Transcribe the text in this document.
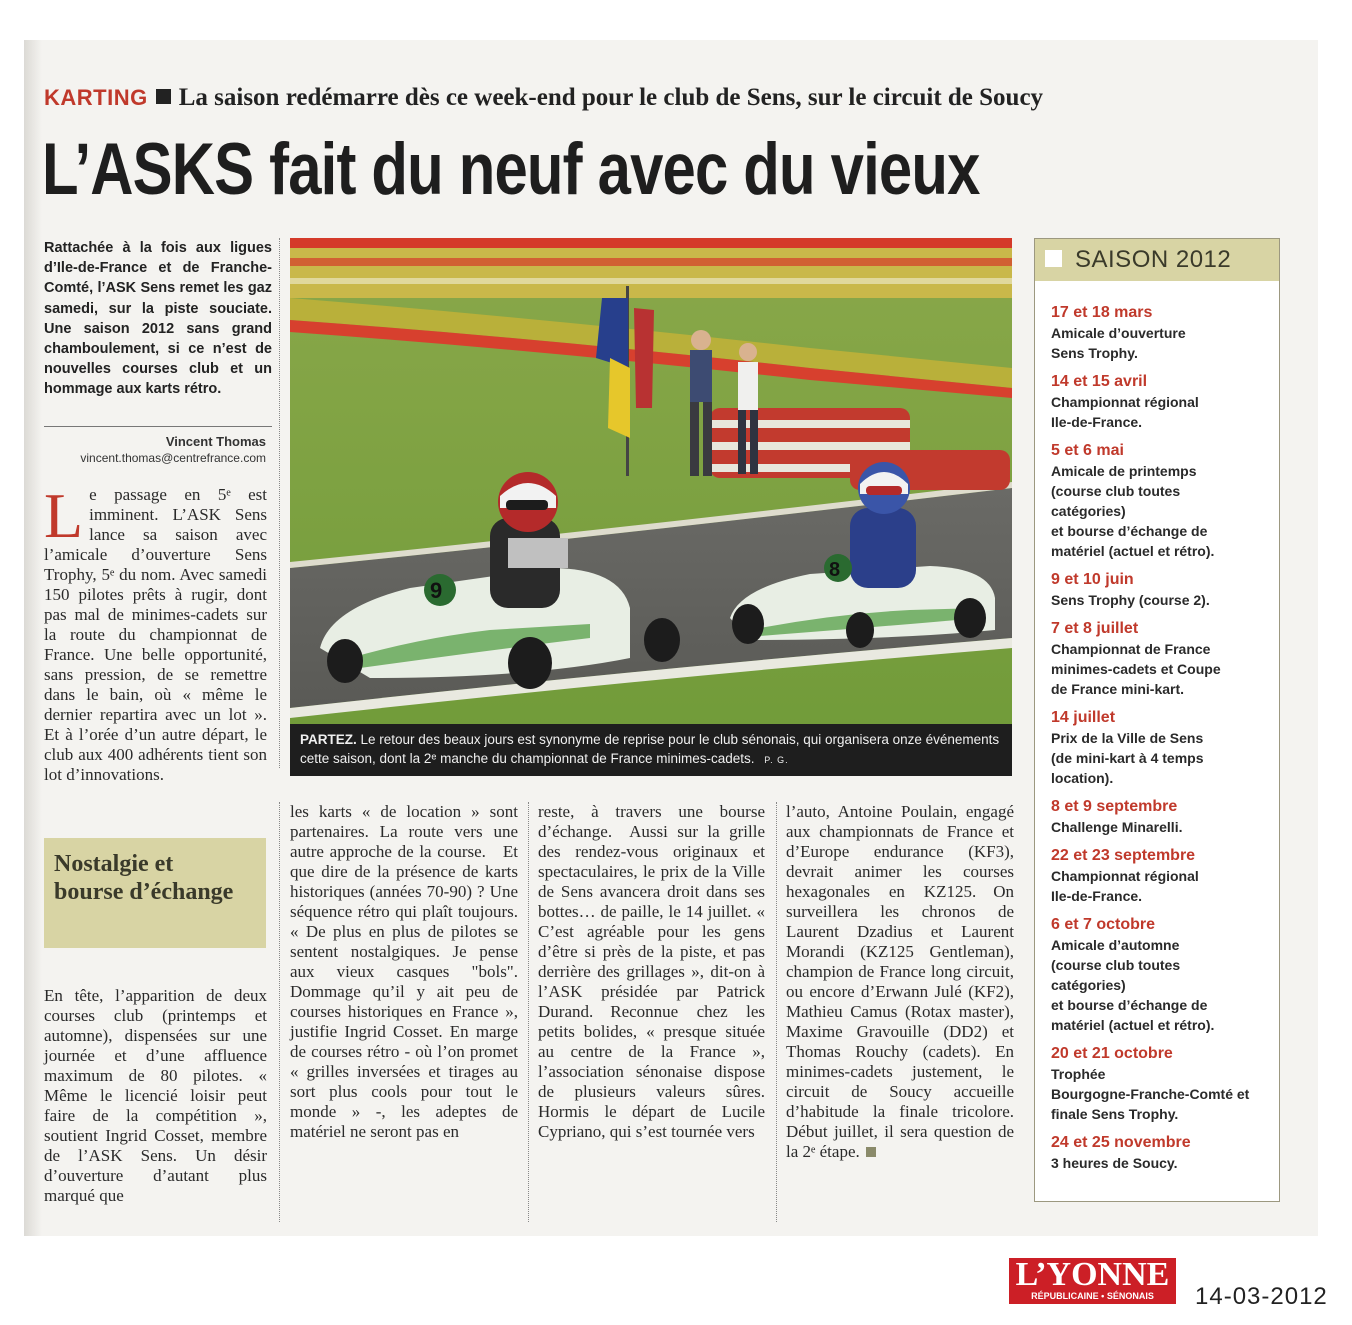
KARTING La saison redémarre dès ce week-end pour le club de Sens, sur le circuit de Soucy
L’ASKS fait du neuf avec du vieux
Rattachée à la fois aux ligues d’Ile-de-France et de Franche-Comté, l’ASK Sens remet les gaz samedi, sur la piste souciate. Une saison 2012 sans grand chamboulement, si ce n’est de nouvelles courses club et un hommage aux karts rétro.
Vincent Thomas
vincent.thomas@centrefrance.com
Le passage en 5ᵉ est imminent. L’ASK Sens lance sa saison avec l’amicale d’ouverture Sens Trophy, 5ᵉ du nom. Avec samedi 150 pilotes prêts à rugir, dont pas mal de minimes-cadets sur la route du championnat de France. Une belle opportunité, sans pression, de se remettre dans le bain, où « même le dernier repartira avec un lot ». Et à l’orée d’un autre départ, le club aux 400 adhérents tient son lot d’innovations.
Nostalgie et bourse d’échange
En tête, l’apparition de deux courses club (printemps et automne), dispensées sur une journée et d’une affluence maximum de 80 pilotes. « Même le licencié loisir peut faire de la compétition », soutient Ingrid Cosset, membre de l’ASK Sens. Un désir d’ouverture d’autant plus marqué que
les karts « de location » sont partenaires. La route vers une autre approche de la course. Et que dire de la présence de karts historiques (années 70-90) ? Une séquence rétro qui plaît toujours. « De plus en plus de pilotes se sentent nostalgiques. Je pense aux vieux casques "bols". Dommage qu’il y ait peu de courses historiques en France », justifie Ingrid Cosset. En marge de courses rétro - où l’on promet « grilles inversées et tirages au sort plus cools pour tout le monde » -, les adeptes de matériel ne seront pas en
reste, à travers une bourse d’échange. Aussi sur la grille des rendez-vous originaux et spectaculaires, le prix de la Ville de Sens avancera droit dans ses bottes… de paille, le 14 juillet. « C’est agréable pour les gens d’être si près de la piste, et pas derrière des grillages », dit-on à l’ASK présidée par Patrick Durand. Reconnue chez les petits bolides, « presque située au centre de la France », l’association sénonaise dispose de plusieurs valeurs sûres. Hormis le départ de Lucile Cypriano, qui s’est tournée vers
l’auto, Antoine Poulain, engagé aux championnats de France et d’Europe endurance (KF3), devrait animer les courses hexagonales en KZ125. On surveillera les chronos de Laurent Dzadius et Laurent Morandi (KZ125 Gentleman), champion de France long circuit, ou encore d’Erwann Julé (KF2), Mathieu Camus (Rotax master), Maxime Gravouille (DD2) et Thomas Rouchy (cadets). En minimes-cadets justement, le circuit de Soucy accueille d’habitude la finale tricolore. Début juillet, il sera question de la 2ᵉ étape.
9
8
PARTEZ. Le retour des beaux jours est synonyme de reprise pour le club sénonais, qui organisera onze événements cette saison, dont la 2ᵉ manche du championnat de France minimes-cadets. P. G.
SAISON 2012
17 et 18 mars
Amicale d’ouverture
Sens Trophy.
14 et 15 avril
Championnat régional
Ile-de-France.
5 et 6 mai
Amicale de printemps
(course club toutes
catégories)
et bourse d’échange de
matériel (actuel et rétro).
9 et 10 juin
Sens Trophy (course 2).
7 et 8 juillet
Championnat de France
minimes-cadets et Coupe
de France mini-kart.
14 juillet
Prix de la Ville de Sens
(de mini-kart à 4 temps
location).
8 et 9 septembre
Challenge Minarelli.
22 et 23 septembre
Championnat régional
Ile-de-France.
6 et 7 octobre
Amicale d’automne
(course club toutes
catégories)
et bourse d’échange de
matériel (actuel et rétro).
20 et 21 octobre
Trophée
Bourgogne-Franche-Comté et finale Sens Trophy.
24 et 25 novembre
3 heures de Soucy.
L’YONNE
RÉPUBLICAINE • SÉNONAIS	14-03-2012
